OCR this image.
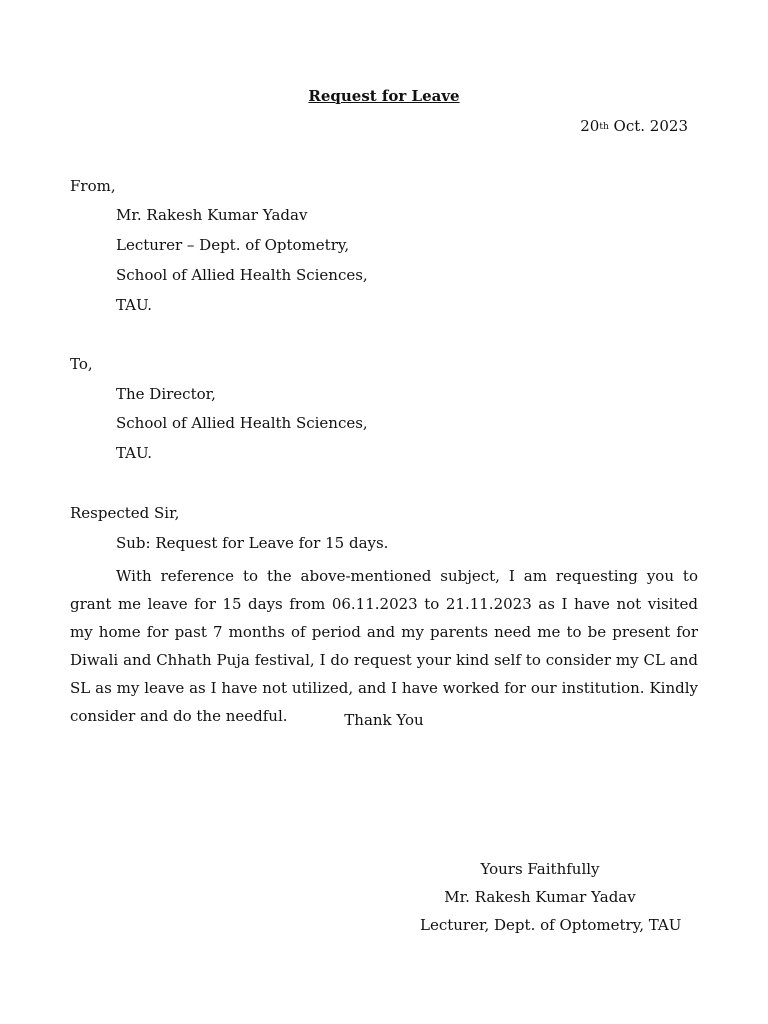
Request for Leave
20th Oct. 2023
From,
Mr. Rakesh Kumar Yadav
Lecturer – Dept. of Optometry,
School of Allied Health Sciences,
TAU.
To,
The Director,
School of Allied Health Sciences,
TAU.
Respected Sir,
Sub: Request for Leave for 15 days.

With reference to the above-mentioned subject, I am requesting you to grant me leave for 15 days from 06.11.2023 to 21.11.2023 as I have not visited my home for past 7 months of period and my parents need me to be present for Diwali and Chhath Puja festival, I do request your kind self to consider my CL and SL as my leave as I have not utilized, and I have worked for our institution. Kindly consider and do the needful.	Thank You
Yours Faithfully
Mr. Rakesh Kumar Yadav
Lecturer, Dept. of Optometry, TAU
